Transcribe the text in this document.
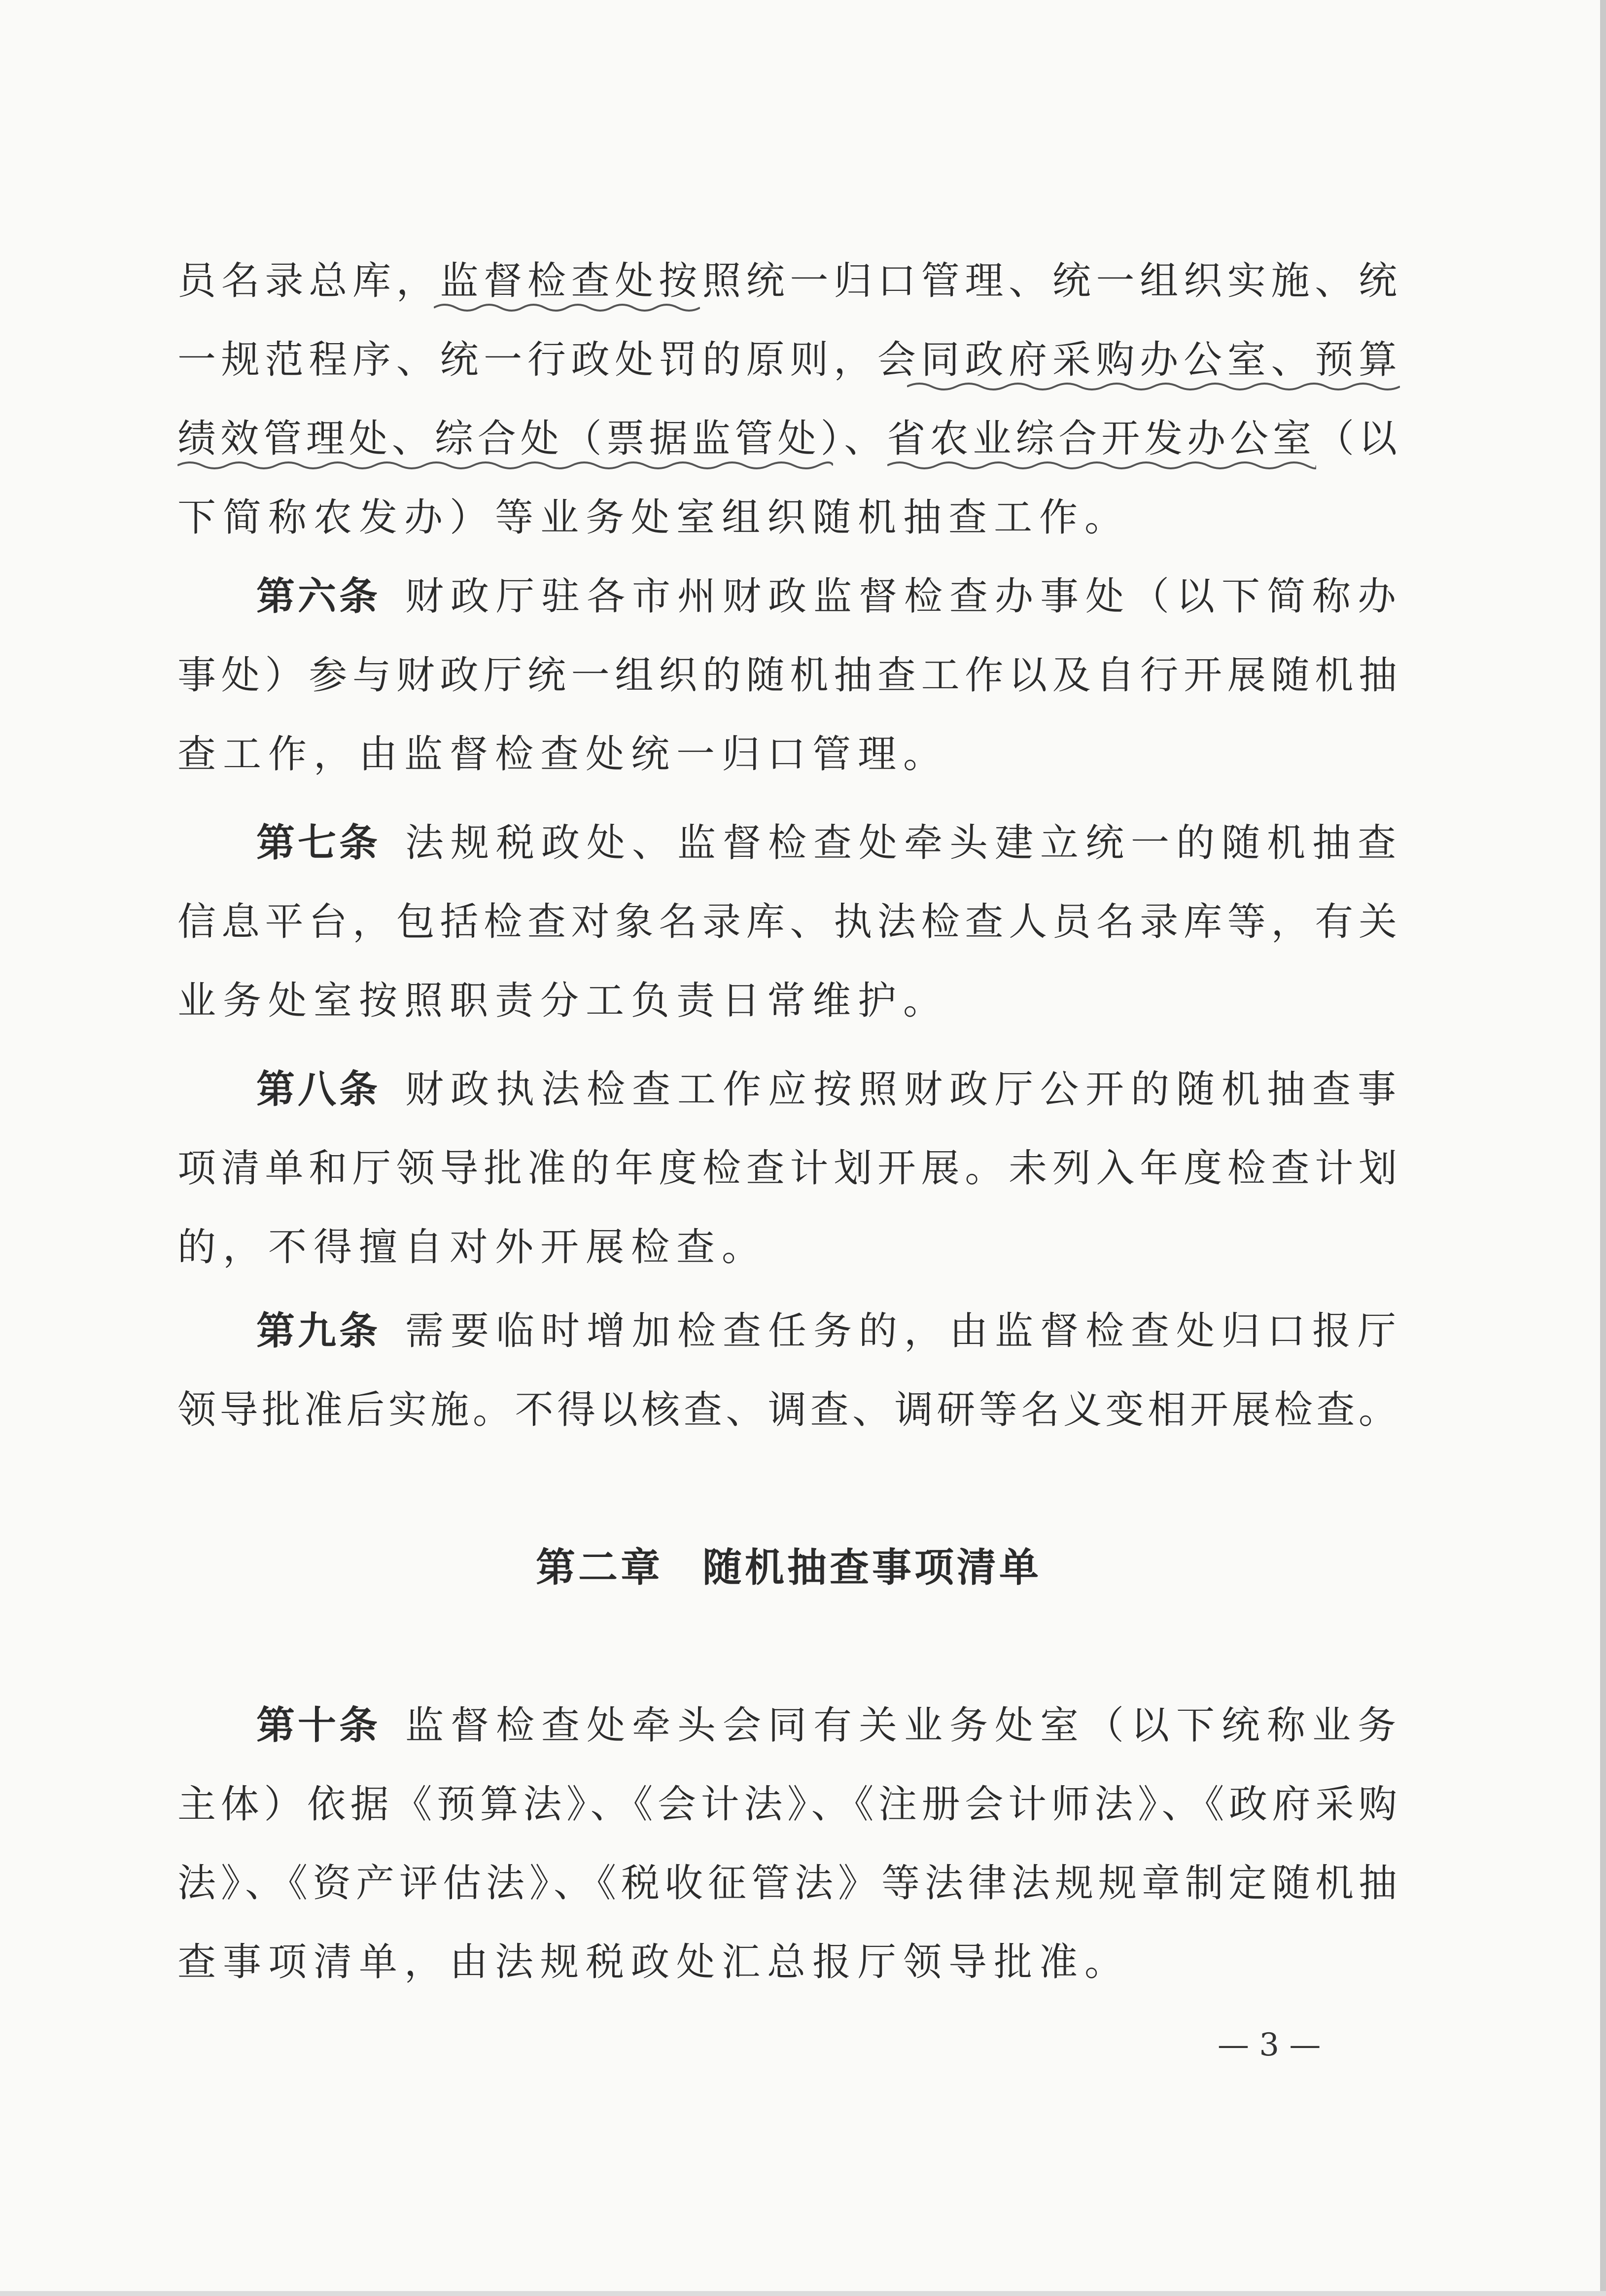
员名录总库，监督检查处按照统一归口管理、统一组织实施、统
一规范程序、统一行政处罚的原则，会同政府采购办公室、预算
绩效管理处、综合处（票据监管处）、省农业综合开发办公室（以
下简称农发办）等业务处室组织随机抽查工作。
第六条 财政厅驻各市州财政监督检查办事处（以下简称办
事处）参与财政厅统一组织的随机抽查工作以及自行开展随机抽
查工作，由监督检查处统一归口管理。
第七条 法规税政处、监督检查处牵头建立统一的随机抽查
信息平台，包括检查对象名录库、执法检查人员名录库等，有关
业务处室按照职责分工负责日常维护。
第八条 财政执法检查工作应按照财政厅公开的随机抽查事
项清单和厅领导批准的年度检查计划开展。未列入年度检查计划
的，不得擅自对外开展检查。
第九条 需要临时增加检查任务的，由监督检查处归口报厅
领导批准后实施。不得以核查、调查、调研等名义变相开展检查。
第二章 随机抽查事项清单
第十条 监督检查处牵头会同有关业务处室（以下统称业务
主体）依据《预算法》、《会计法》、《注册会计师法》、《政府采购
法》、《资产评估法》、《税收征管法》等法律法规规章制定随机抽
查事项清单，由法规税政处汇总报厅领导批准。
— 3 —
